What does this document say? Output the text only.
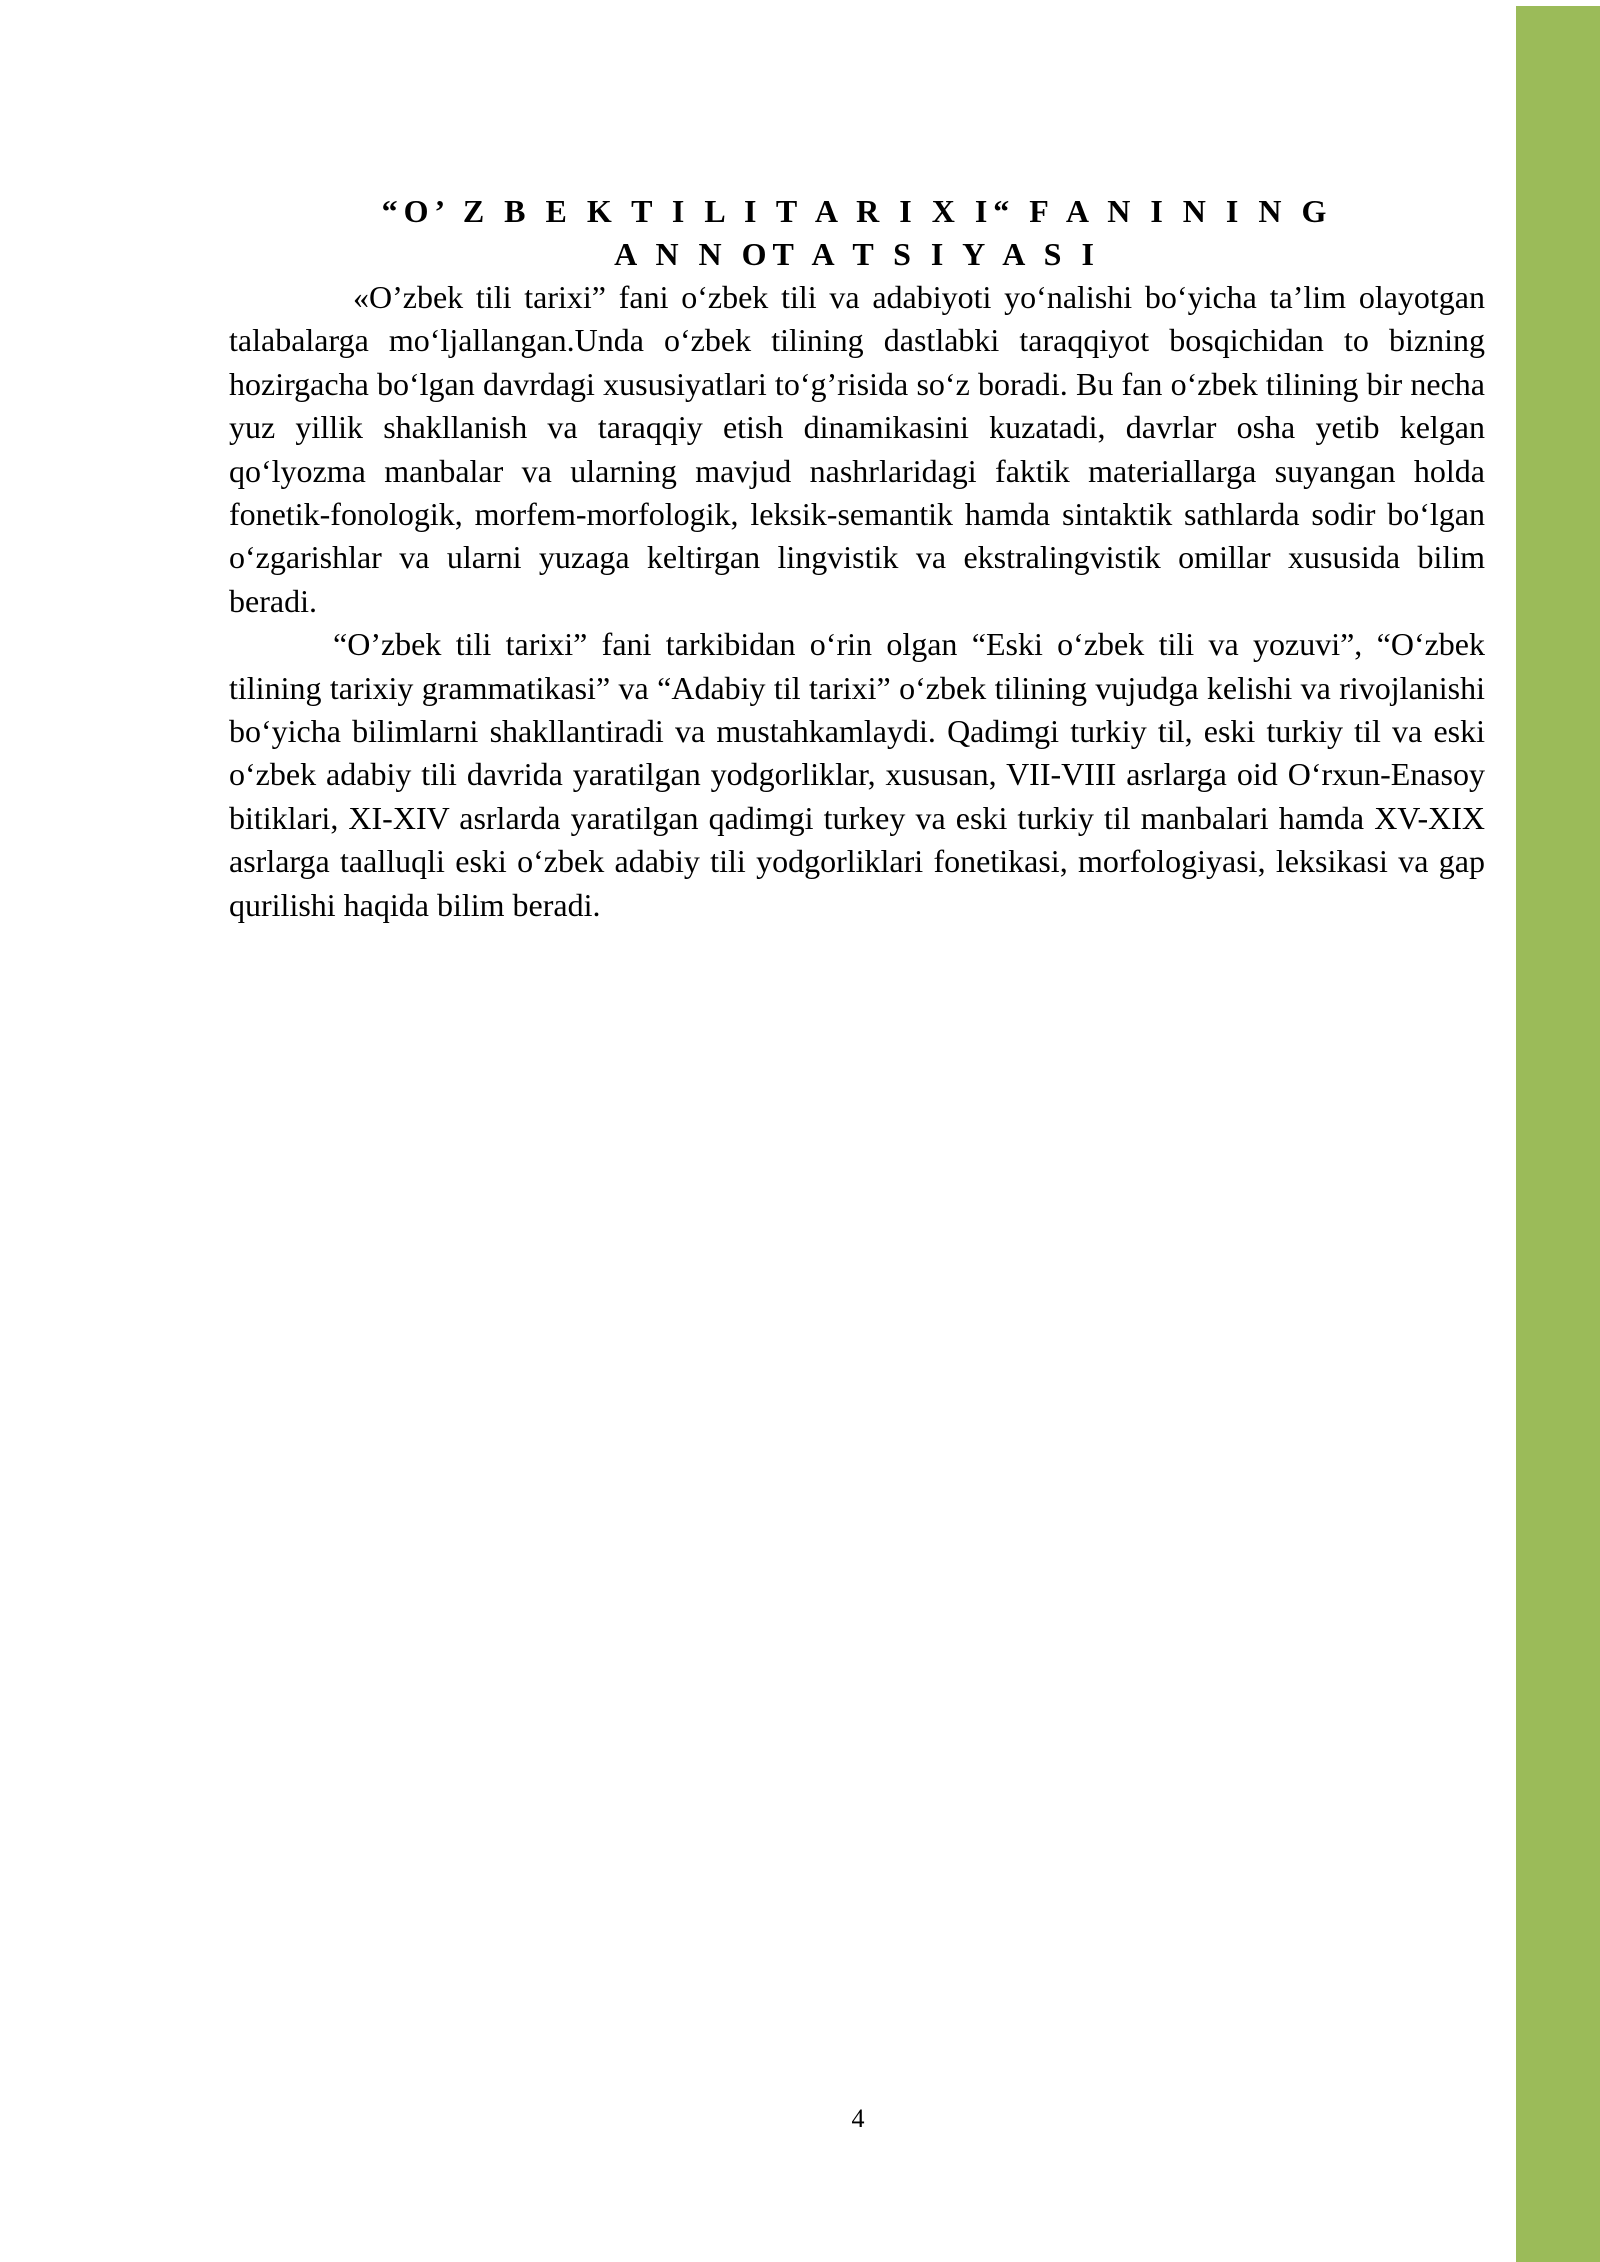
“O’ Z B E K T I L I T A R I X I“ F A N I N I N G

A N N OT A T S I Y A S I

«O’zbek tili tarixi” fani o‘zbek tili va adabiyoti yo‘nalishi bo‘yicha ta’lim olayotgan talabalarga mo‘ljallangan.Unda o‘zbek tilining dastlabki taraqqiyot bosqichidan to bizning hozirgacha bo‘lgan davrdagi xususiyatlari to‘g’risida so‘z boradi. Bu fan o‘zbek tilining bir necha yuz yillik shakllanish va taraqqiy etish dinamikasini kuzatadi, davrlar osha yetib kelgan qo‘lyozma manbalar va ularning mavjud nashrlaridagi faktik materiallarga suyangan holda fonetik-fonologik, morfem-morfologik, leksik-semantik hamda sintaktik sathlarda sodir bo‘lgan o‘zgarishlar va ularni yuzaga keltirgan lingvistik va ekstralingvistik omillar xususida bilim beradi.

“O’zbek tili tarixi” fani tarkibidan o‘rin olgan “Eski o‘zbek tili va yozuvi”, “O‘zbek tilining tarixiy grammatikasi” va “Adabiy til tarixi” o‘zbek tilining vujudga kelishi va rivojlanishi bo‘yicha bilimlarni shakllantiradi va mustahkamlaydi. Qadimgi turkiy til, eski turkiy til va eski o‘zbek adabiy tili davrida yaratilgan yodgorliklar, xususan, VII-VIII asrlarga oid O‘rxun-Enasoy bitiklari, XI-XIV asrlarda yaratilgan qadimgi turkey va eski turkiy til manbalari hamda XV-XIX asrlarga taalluqli eski o‘zbek adabiy tili yodgorliklari fonetikasi, morfologiyasi, leksikasi va gap qurilishi haqida bilim beradi.

4
